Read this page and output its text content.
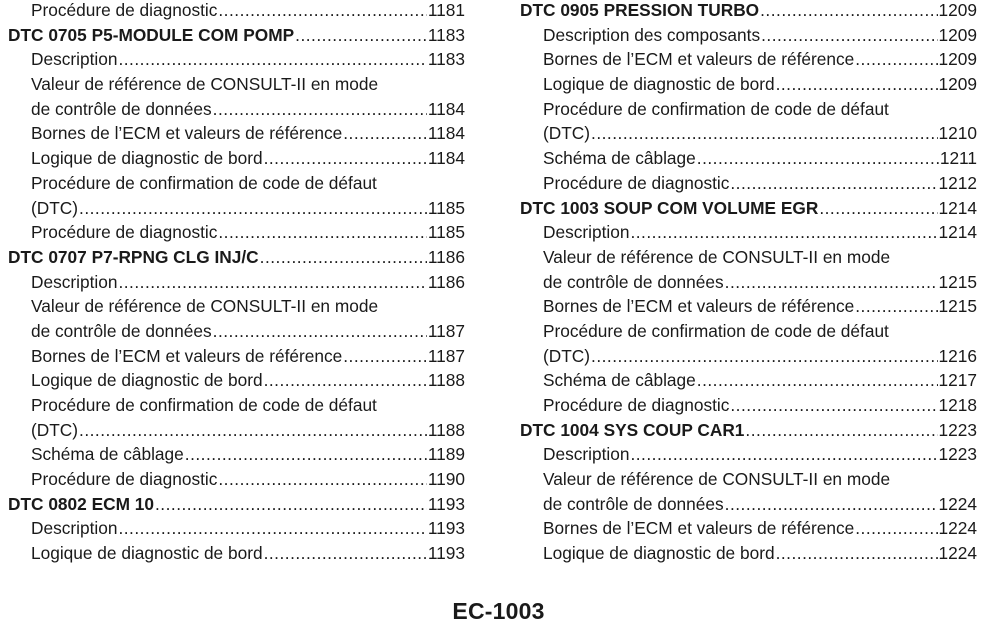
Procédure de diagnostic .....	1181
DTC 0705 P5-MODULE COM POMP .....	1183
Description .....	1183
Valeur de référence de CONSULT-II en mode
de contrôle de données .....	1184
Bornes de l’ECM et valeurs de référence .....	1184
Logique de diagnostic de bord .....	1184
Procédure de confirmation de code de défaut
(DTC) .....	1185
Procédure de diagnostic .....	1185
DTC 0707 P7-RPNG CLG INJ/C .....	1186
Description .....	1186
Valeur de référence de CONSULT-II en mode
de contrôle de données .....	1187
Bornes de l’ECM et valeurs de référence .....	1187
Logique de diagnostic de bord .....	1188
Procédure de confirmation de code de défaut
(DTC) .....	1188
Schéma de câblage .....	1189
Procédure de diagnostic .....	1190
DTC 0802 ECM 10 .....	1193
Description .....	1193
Logique de diagnostic de bord .....	1193
DTC 0905 PRESSION TURBO .....	1209
Description des composants .....	1209
Bornes de l’ECM et valeurs de référence .....	1209
Logique de diagnostic de bord .....	1209
Procédure de confirmation de code de défaut
(DTC) .....	1210
Schéma de câblage .....	1211
Procédure de diagnostic .....	1212
DTC 1003 SOUP COM VOLUME EGR .....	1214
Description .....	1214
Valeur de référence de CONSULT-II en mode
de contrôle de données .....	1215
Bornes de l’ECM et valeurs de référence .....	1215
Procédure de confirmation de code de défaut
(DTC) .....	1216
Schéma de câblage .....	1217
Procédure de diagnostic .....	1218
DTC 1004 SYS COUP CAR1 .....	1223
Description .....	1223
Valeur de référence de CONSULT-II en mode
de contrôle de données .....	1224
Bornes de l’ECM et valeurs de référence .....	1224
Logique de diagnostic de bord .....	1224
EC-1003
